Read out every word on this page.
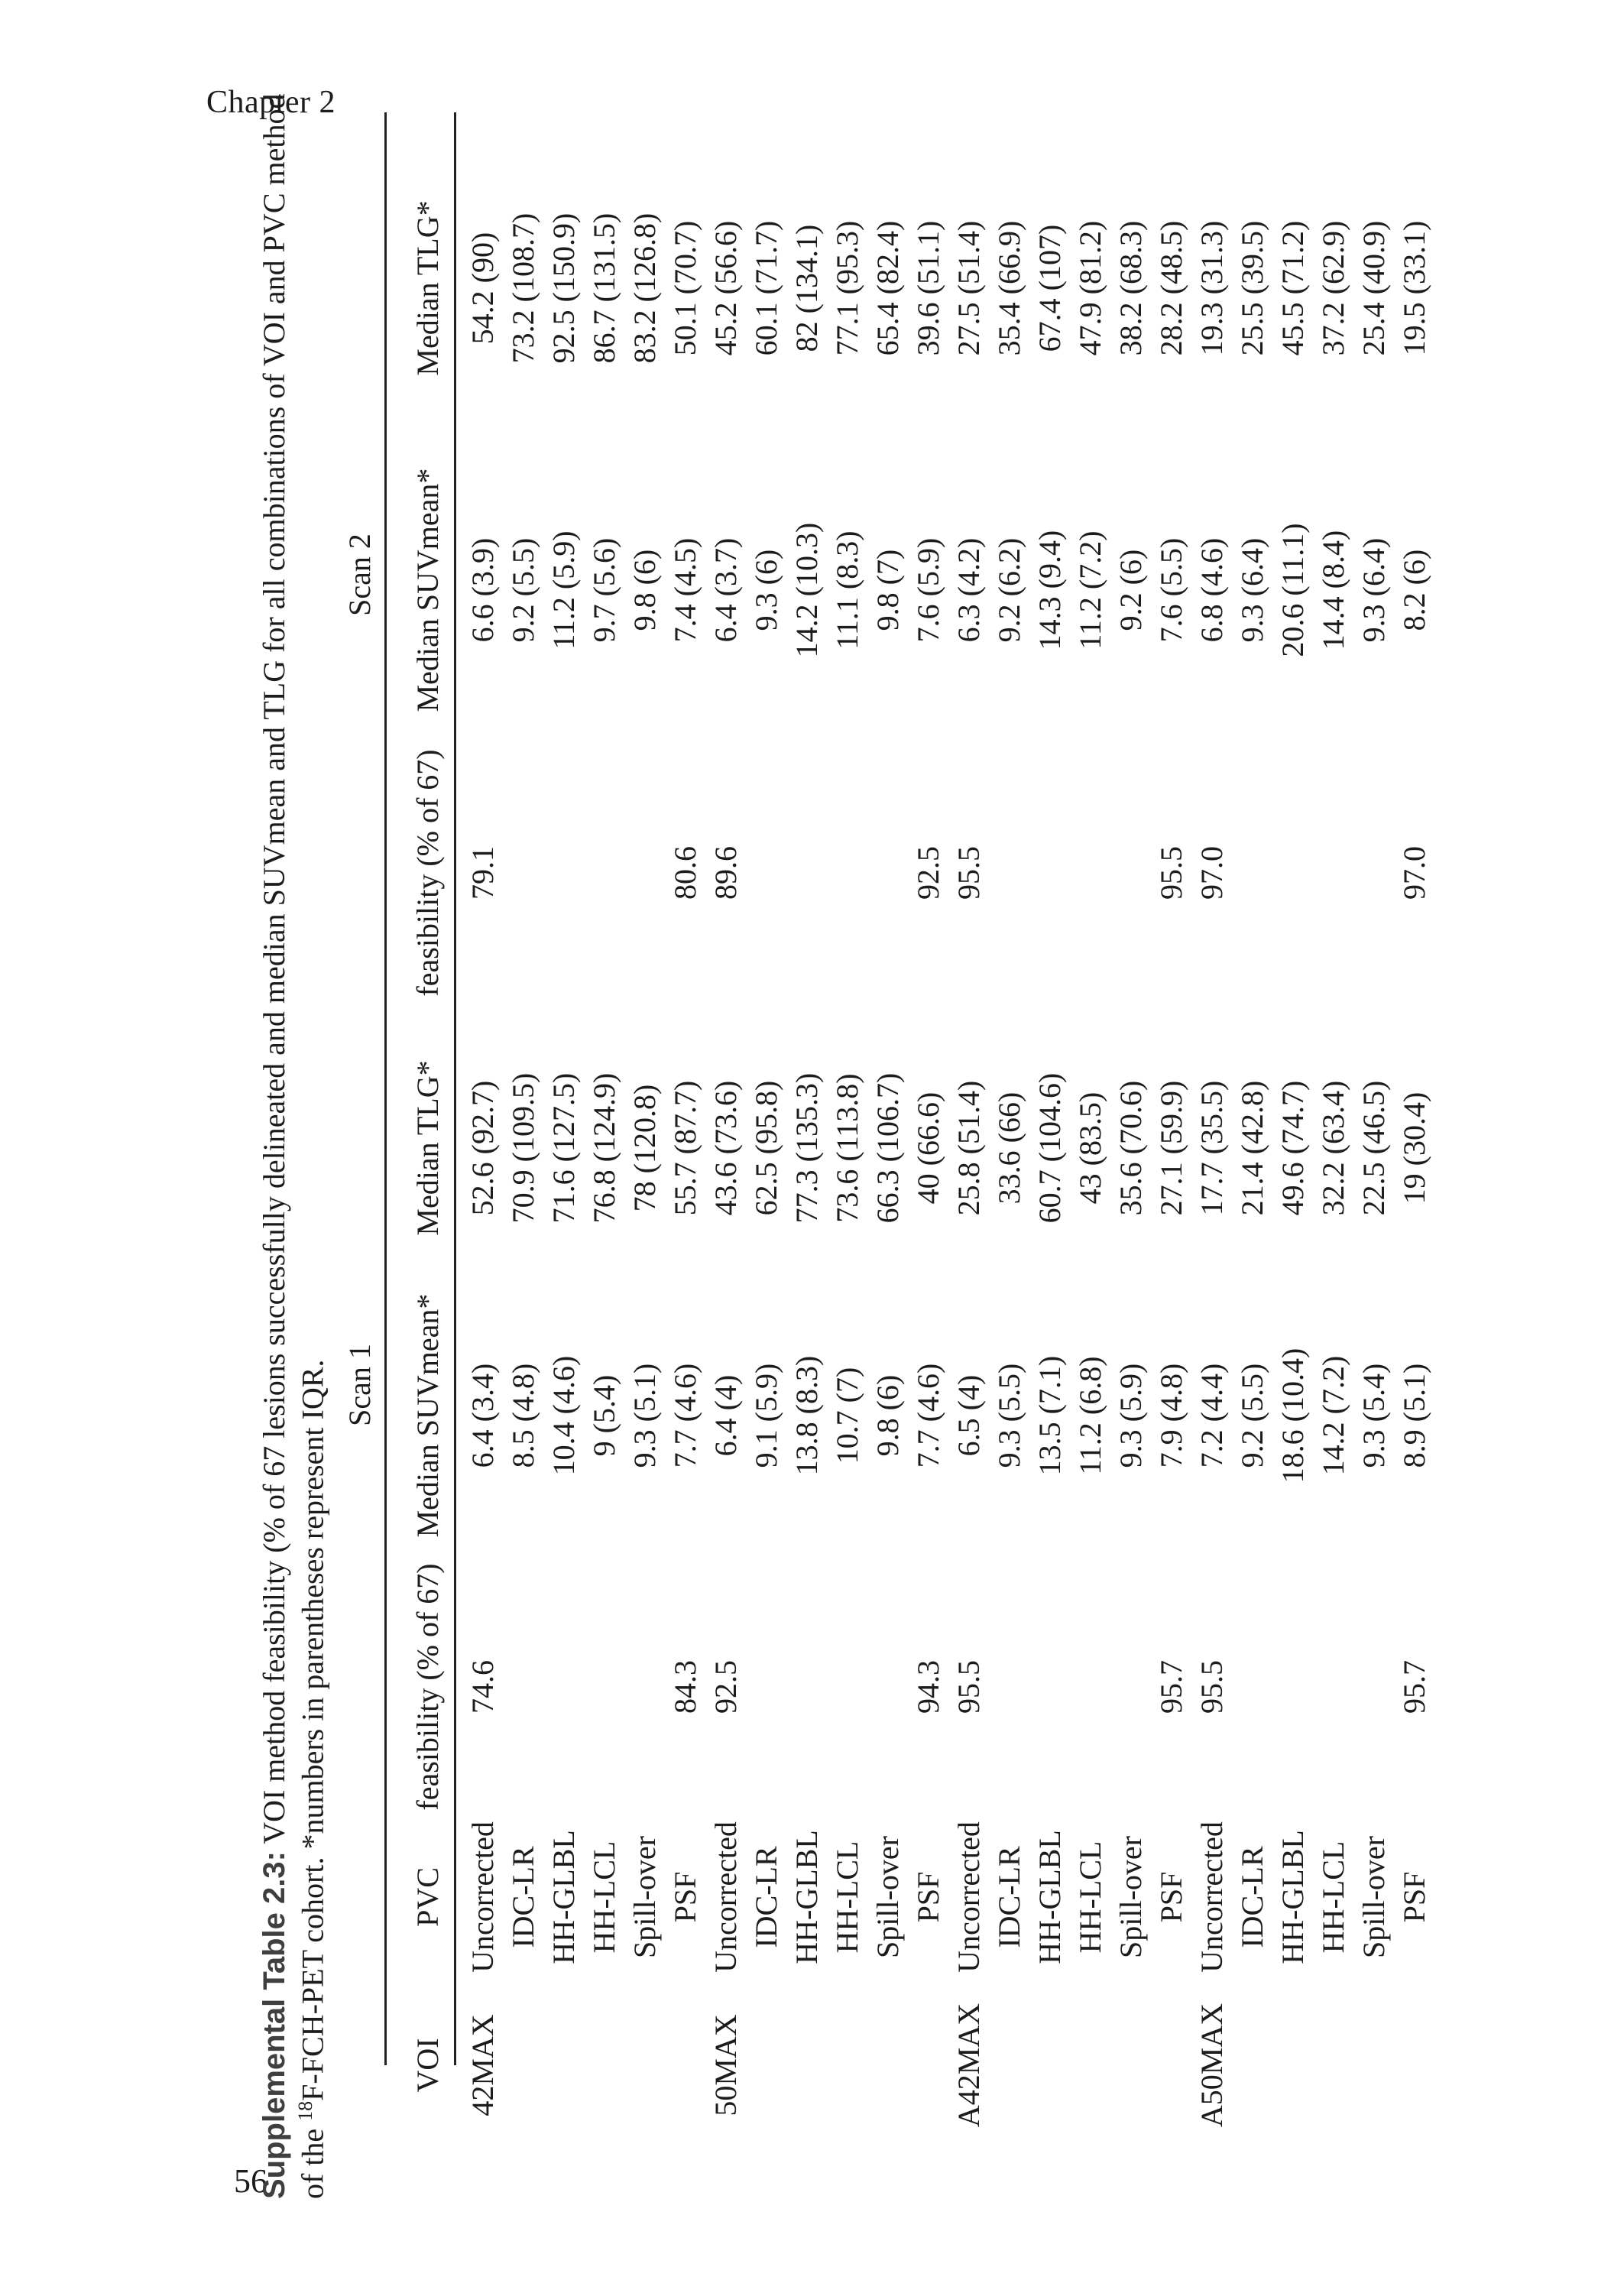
Chapter 2
56
Supplemental Table 2.3: VOI method feasibility (% of 67 lesions successfully delineated and median SUVmean and TLG for all combinations of VOI and PVC method
of the $^{18}$F-FCH-PET cohort. *numbers in parentheses represent IQR. Scan 1
Scan 2
VOI
PVC
feasibility (% of 67)
Median SUVmean*
Median TLG*
feasibility (% of 67)
Median SUVmean*
Median TLG*
42MAX
Uncorrected
74.6
6.4 (3.4)
52.6 (92.7)
79.1
6.6 (3.9)
54.2 (90)
IDC-LR
8.5 (4.8)
70.9 (109.5)
9.2 (5.5)
73.2 (108.7)
HH-GLBL
10.4 (4.6)
71.6 (127.5)
11.2 (5.9)
92.5 (150.9)
HH-LCL
9 (5.4)
76.8 (124.9)
9.7 (5.6)
86.7 (131.5)
Spill-over
9.3 (5.1)
78 (120.8)
9.8 (6)
83.2 (126.8)
PSF
84.3
7.7 (4.6)
55.7 (87.7)
80.6
7.4 (4.5)
50.1 (70.7)
50MAX
Uncorrected
92.5
6.4 (4)
43.6 (73.6)
89.6
6.4 (3.7)
45.2 (56.6)
IDC-LR
9.1 (5.9)
62.5 (95.8)
9.3 (6)
60.1 (71.7)
HH-GLBL
13.8 (8.3)
77.3 (135.3)
14.2 (10.3)
82 (134.1)
HH-LCL
10.7 (7)
73.6 (113.8)
11.1 (8.3)
77.1 (95.3)
Spill-over
9.8 (6)
66.3 (106.7)
9.8 (7)
65.4 (82.4)
PSF
94.3
7.7 (4.6)
40 (66.6)
92.5
7.6 (5.9)
39.6 (51.1)
A42MAX
Uncorrected
95.5
6.5 (4)
25.8 (51.4)
95.5
6.3 (4.2)
27.5 (51.4)
IDC-LR
9.3 (5.5)
33.6 (66)
9.2 (6.2)
35.4 (66.9)
HH-GLBL
13.5 (7.1)
60.7 (104.6)
14.3 (9.4)
67.4 (107)
HH-LCL
11.2 (6.8)
43 (83.5)
11.2 (7.2)
47.9 (81.2)
Spill-over
9.3 (5.9)
35.6 (70.6)
9.2 (6)
38.2 (68.3)
PSF
95.7
7.9 (4.8)
27.1 (59.9)
95.5
7.6 (5.5)
28.2 (48.5)
A50MAX
Uncorrected
95.5
7.2 (4.4)
17.7 (35.5)
97.0
6.8 (4.6)
19.3 (31.3)
IDC-LR
9.2 (5.5)
21.4 (42.8)
9.3 (6.4)
25.5 (39.5)
HH-GLBL
18.6 (10.4)
49.6 (74.7)
20.6 (11.1)
45.5 (71.2)
HH-LCL
14.2 (7.2)
32.2 (63.4)
14.4 (8.4)
37.2 (62.9)
Spill-over
9.3 (5.4)
22.5 (46.5)
9.3 (6.4)
25.4 (40.9)
PSF
95.7
8.9 (5.1)
19 (30.4)
97.0
8.2 (6)
19.5 (33.1)
